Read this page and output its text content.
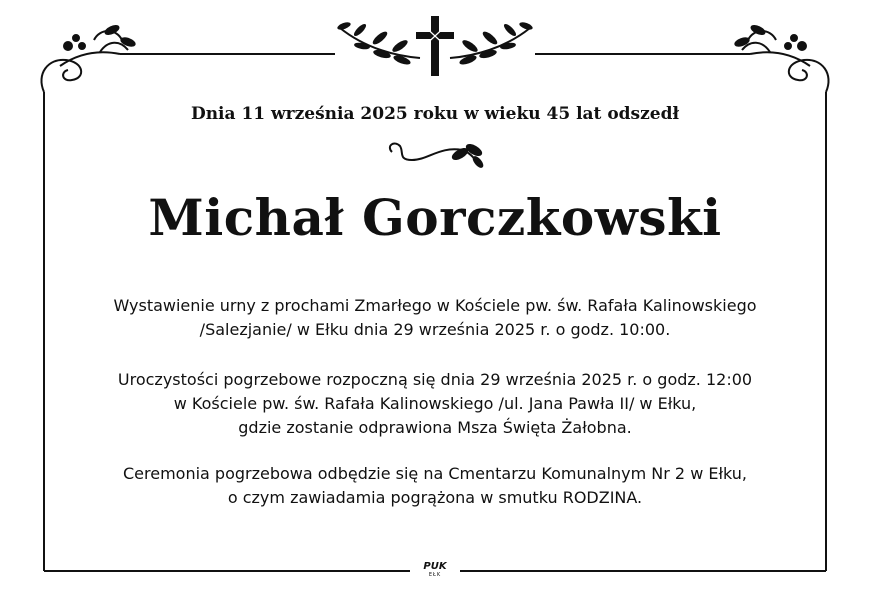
Dnia 11 września 2025 roku w wieku 45 lat odszedł
Michał Gorczkowski
Wystawienie urny z prochami Zmarłego w Kościele pw. św. Rafała Kalinowskiego
/Salezjanie/ w Ełku dnia 29 września 2025 r. o godz. 10:00.
Uroczystości pogrzebowe rozpoczną się dnia 29 września 2025 r. o godz. 12:00
w Kościele pw. św. Rafała Kalinowskiego /ul. Jana Pawła II/ w Ełku,
gdzie zostanie odprawiona Msza Święta Żałobna.
Ceremonia pogrzebowa odbędzie się na Cmentarzu Komunalnym Nr 2 w Ełku,
o czym zawiadamia pogrążona w smutku RODZINA.
PUK
EŁK
